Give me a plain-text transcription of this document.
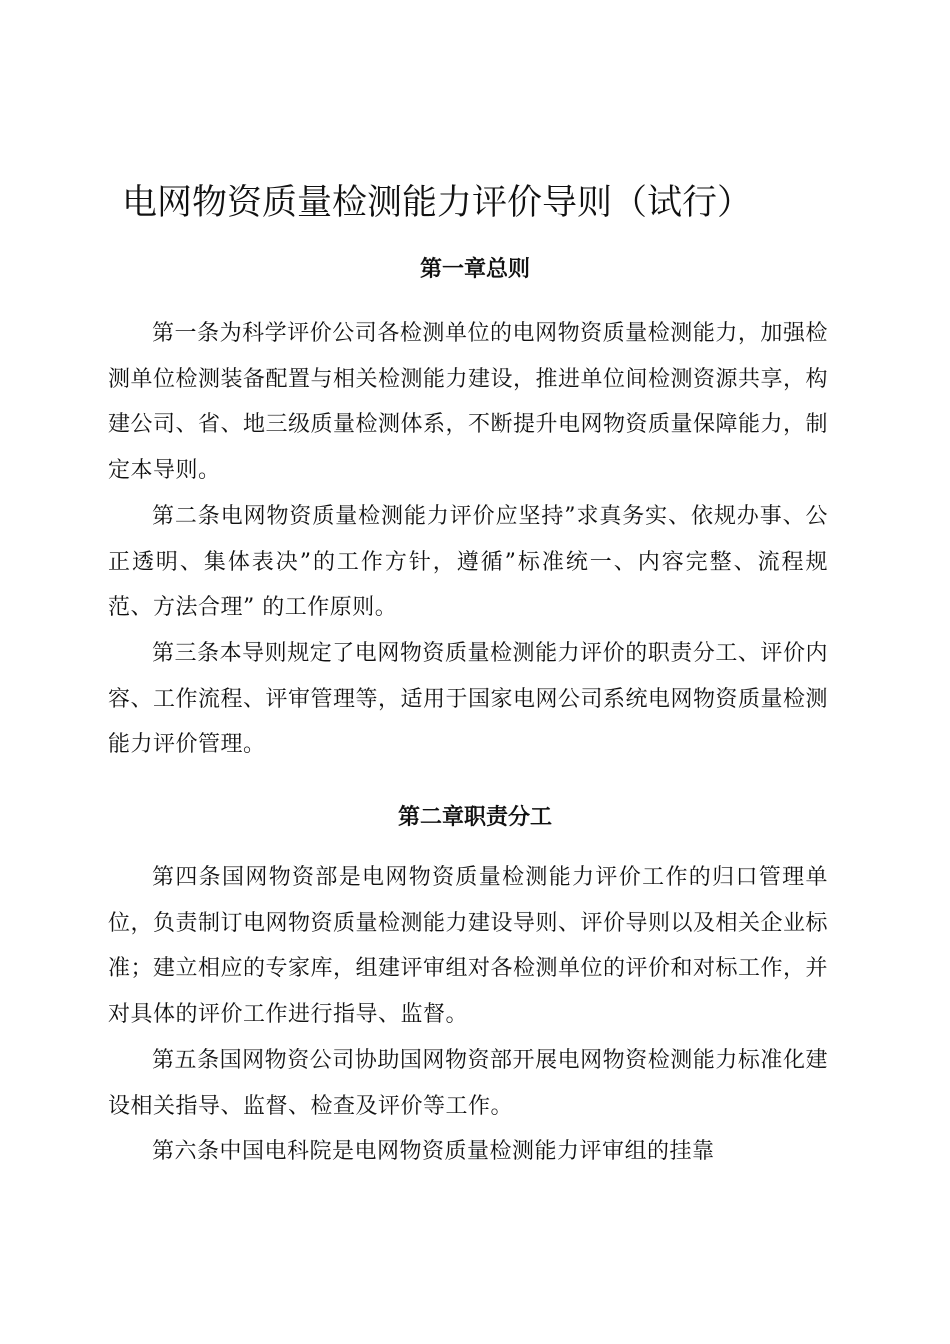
电网物资质量检测能力评价导则（试行）
第一章总则

第一条为科学评价公司各检测单位的电网物资质量检测能力，加强检测单位检测装备配置与相关检测能力建设，推进单位间检测资源共享，构建公司、省、地三级质量检测体系，不断提升电网物资质量保障能力，制定本导则。

第二条电网物资质量检测能力评价应坚持”求真务实、依规办事、公正透明、集体表决”的工作方针，遵循”标准统一、内容完整、流程规范、方法合理” 的工作原则。

第三条本导则规定了电网物资质量检测能力评价的职责分工、评价内容、工作流程、评审管理等，适用于国家电网公司系统电网物资质量检测能力评价管理。

第二章职责分工

第四条国网物资部是电网物资质量检测能力评价工作的归口管理单位，负责制订电网物资质量检测能力建设导则、评价导则以及相关企业标准；建立相应的专家库，组建评审组对各检测单位的评价和对标工作，并对具体的评价工作进行指导、监督。

第五条国网物资公司协助国网物资部开展电网物资检测能力标准化建设相关指导、监督、检查及评价等工作。

第六条中国电科院是电网物资质量检测能力评审组的挂靠
